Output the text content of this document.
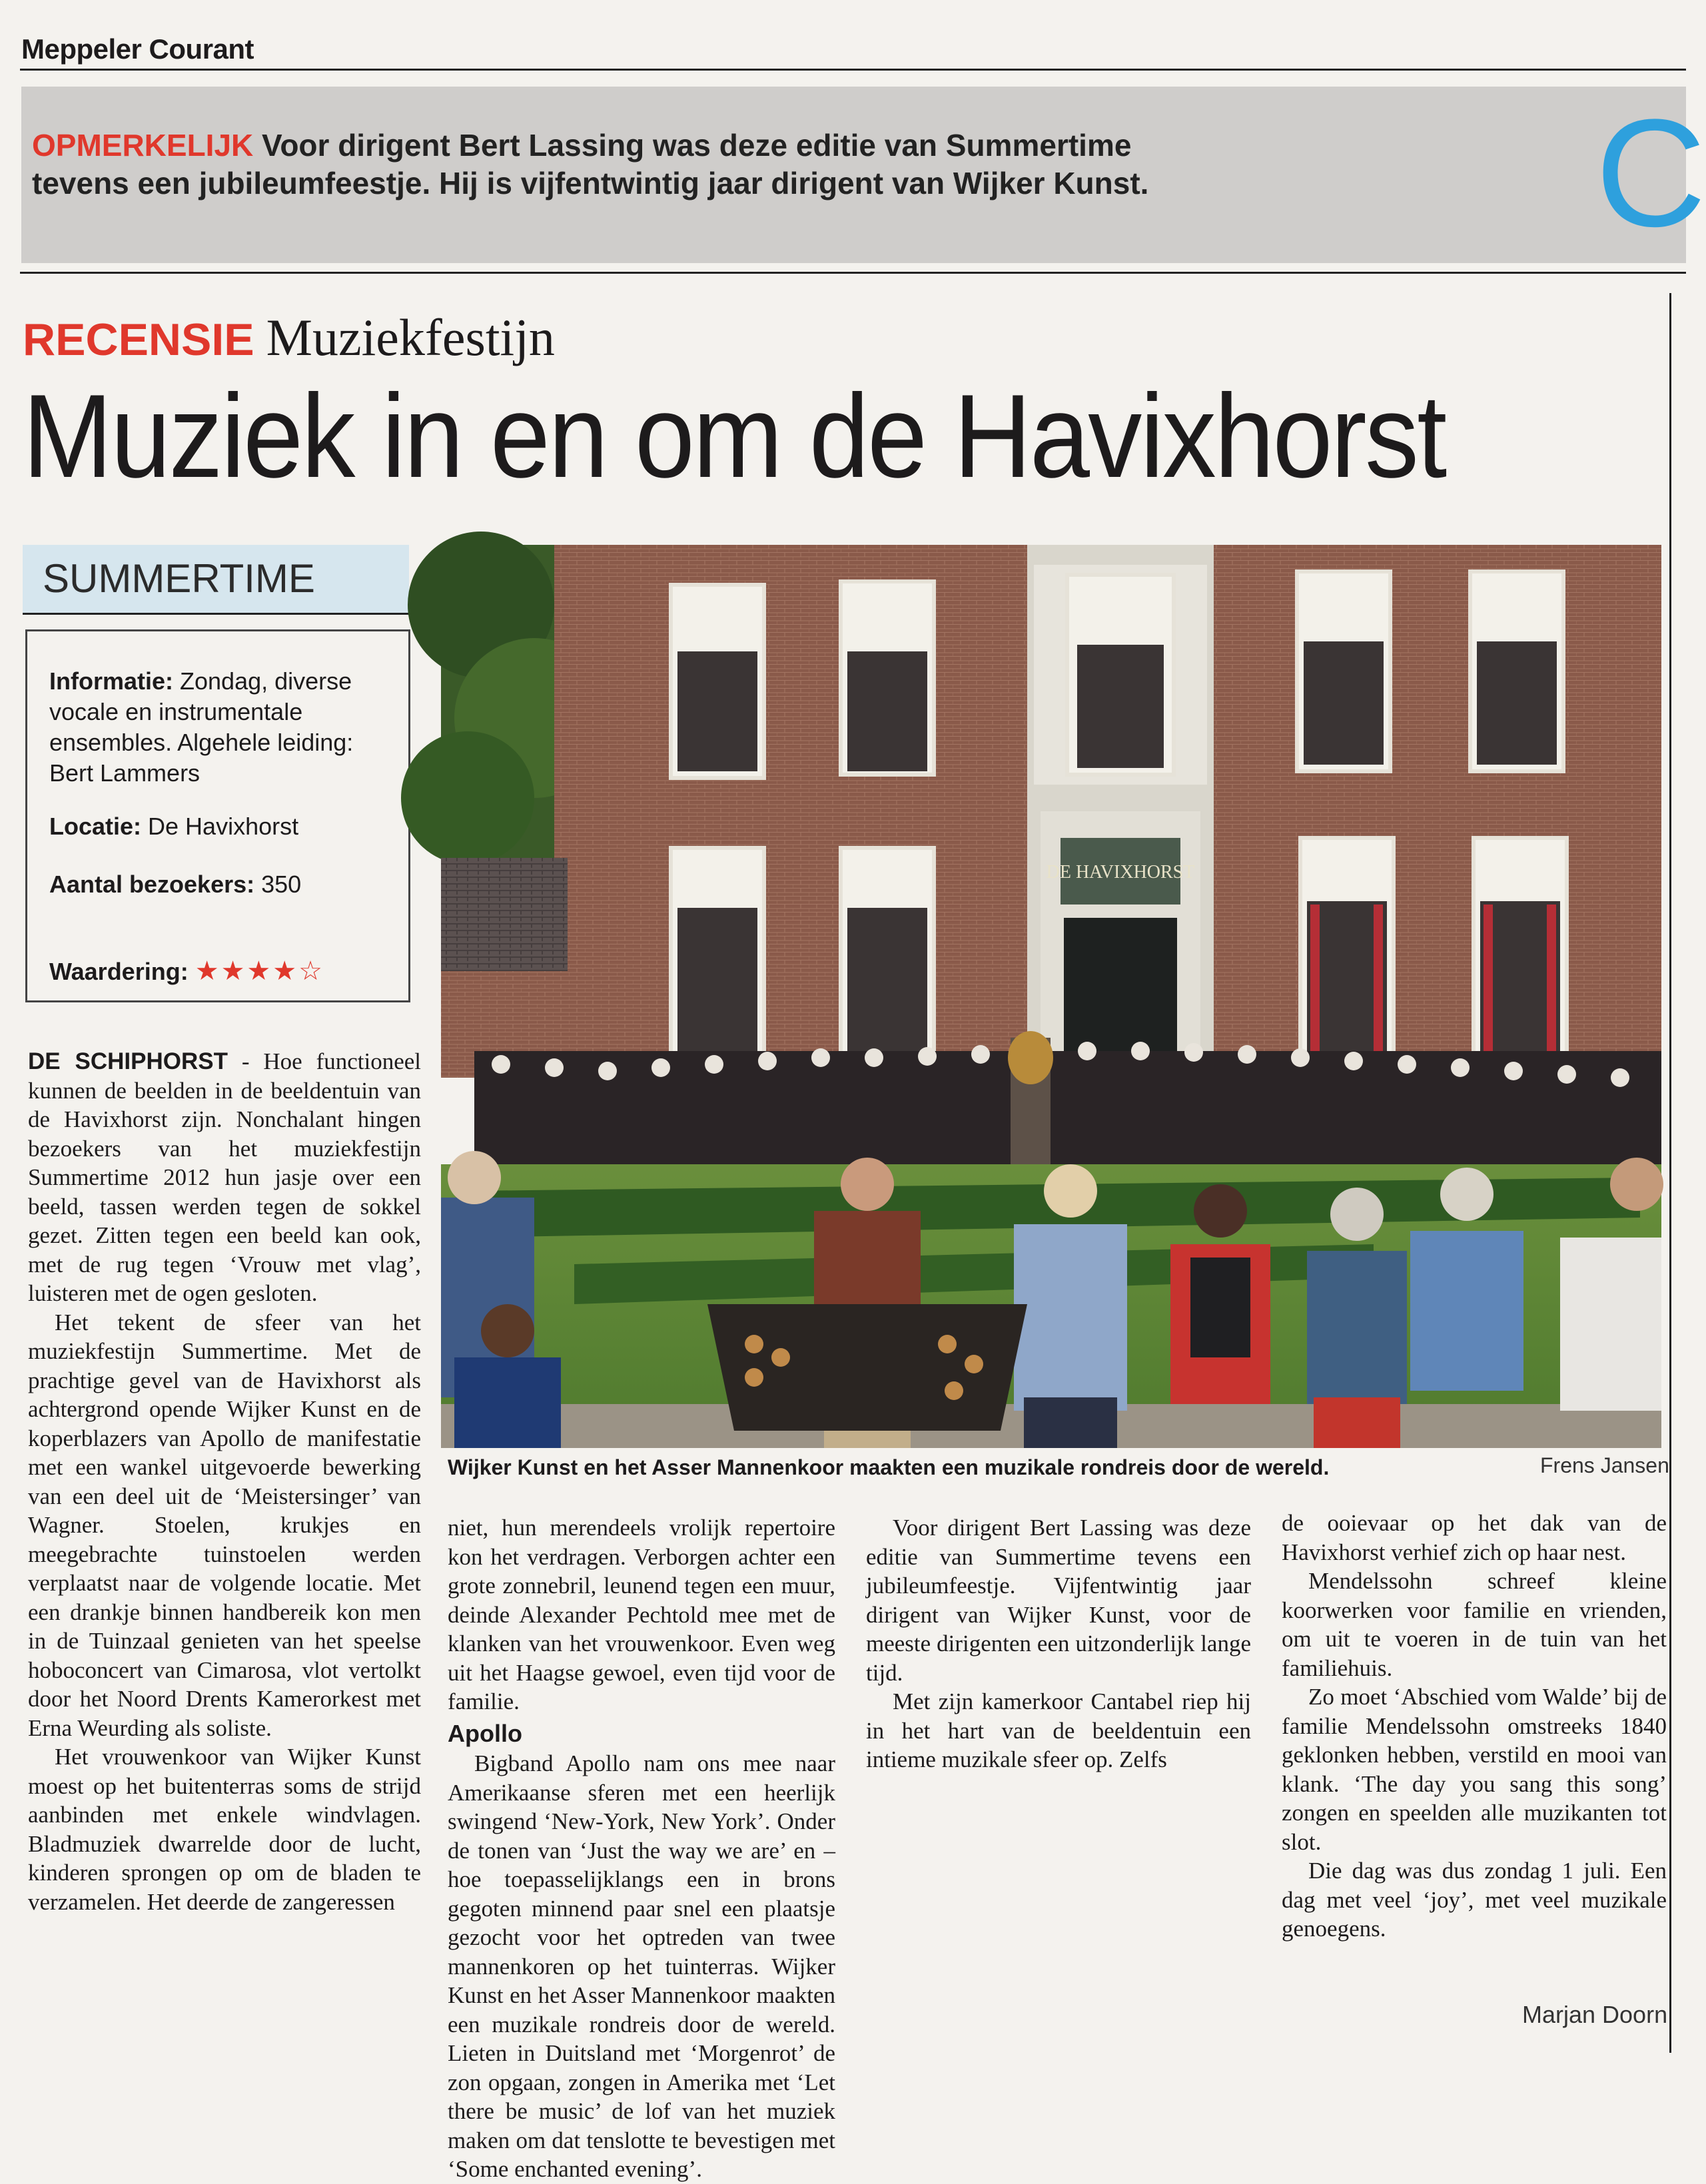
Meppeler Courant
OPMERKELIJK Voor dirigent Bert Lassing was deze editie van Summertime tevens een jubileumfeestje. Hij is vijfentwintig jaar dirigent van Wijker Kunst.	C
RECENSIE Muziekfestijn
Muziek in en om de Havixhorst
SUMMERTIME
Informatie: Zondag, diverse vocale en instrumentale ensembles. Algehele leiding: Bert Lammers
Locatie: De Havixhorst
Aantal bezoekers: 350
Waardering: ★★★★☆
DE HAVIXHORST
Wijker Kunst en het Asser Mannenkoor maakten een muzikale rondreis door de wereld.	Frens Jansen

DE SCHIPHORST - Hoe functioneel kunnen de beelden in de beeldentuin van de Havixhorst zijn. Nonchalant hingen bezoekers van het muziekfestijn Summertime 2012 hun jasje over een beeld, tassen werden tegen de sokkel gezet. Zitten tegen een beeld kan ook, met de rug tegen ‘Vrouw met vlag’, luisteren met de ogen gesloten.

Het tekent de sfeer van het muziekfestijn Summertime. Met de prachtige gevel van de Havixhorst als achtergrond opende Wijker Kunst en de koperblazers van Apollo de manifestatie met een wankel uitgevoerde bewerking van een deel uit de ‘Meistersinger’ van Wagner. Stoelen, krukjes en meegebrachte tuinstoelen werden verplaatst naar de volgende locatie. Met een drankje binnen handbereik kon men in de Tuinzaal genieten van het speelse hoboconcert van Cimarosa, vlot vertolkt door het Noord Drents Kamerorkest met Erna Weurding als soliste.

Het vrouwenkoor van Wijker Kunst moest op het buitenterras soms de strijd aanbinden met enkele windvlagen. Bladmuziek dwarrelde door de lucht, kinderen sprongen op om de bladen te verzamelen. Het deerde de zangeressen

niet, hun merendeels vrolijk repertoire kon het verdragen. Verborgen achter een grote zonnebril, leunend tegen een muur, deinde Alexander Pechtold mee met de klanken van het vrouwenkoor. Even weg uit het Haagse gewoel, even tijd voor de familie.

Apollo

Bigband Apollo nam ons mee naar Amerikaanse sferen met een heerlijk swingend ‘New-York, New York’. Onder de tonen van ‘Just the way we are’ en – hoe toepasselijklangs een in brons gegoten minnend paar snel een plaatsje gezocht voor het optreden van twee mannenkoren op het tuinterras. Wijker Kunst en het Asser Mannenkoor maakten een muzikale rondreis door de wereld. Lieten in Duitsland met ‘Morgenrot’ de zon opgaan, zongen in Amerika met ‘Let there be music’ de lof van het muziek maken om dat tenslotte te bevestigen met ‘Some enchanted evening’.

Voor dirigent Bert Lassing was deze editie van Summertime tevens een jubileumfeestje. Vijfentwintig jaar dirigent van Wijker Kunst, voor de meeste dirigenten een uitzonderlijk lange tijd.

Met zijn kamerkoor Cantabel riep hij in het hart van de beeldentuin een intieme muzikale sfeer op. Zelfs

de ooievaar op het dak van de Havixhorst verhief zich op haar nest.

Mendelssohn schreef kleine koorwerken voor familie en vrienden, om uit te voeren in de tuin van het familiehuis.

Zo moet ‘Abschied vom Walde’ bij de familie Mendelssohn omstreeks 1840 geklonken hebben, verstild en mooi van klank. ‘The day you sang this song’ zongen en speelden alle muzikanten tot slot.

Die dag was dus zondag 1 juli. Een dag met veel ‘joy’, met veel muzikale genoegens.

Marjan Doorn
